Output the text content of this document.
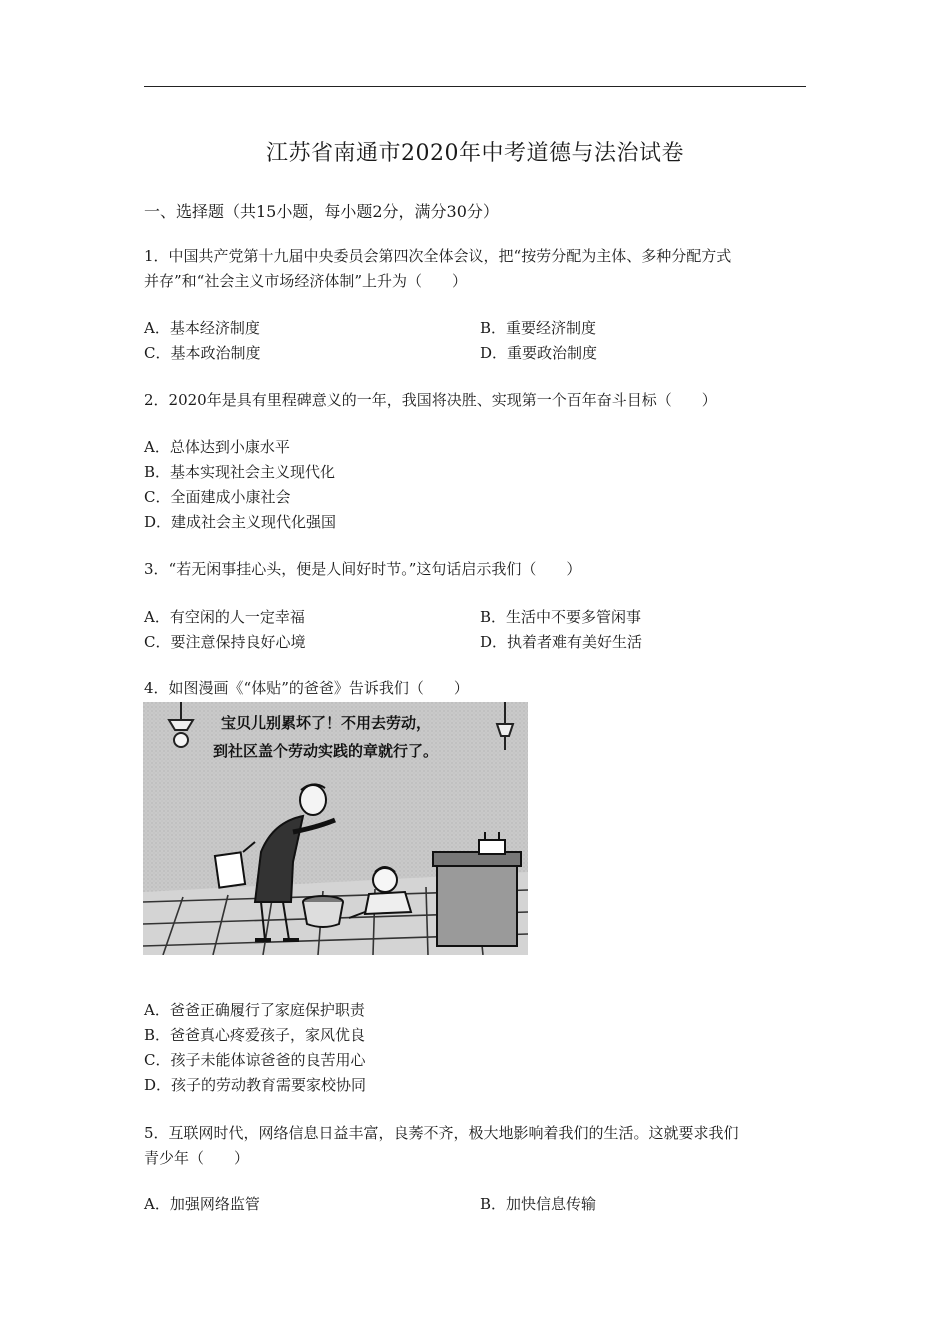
江苏省南通市2020年中考道德与法治试卷
一、选择题（共15小题，每小题2分，满分30分）
1．中国共产党第十九届中央委员会第四次全体会议，把“按劳分配为主体、多种分配方式
并存”和“社会主义市场经济体制”上升为（　　）
A．基本经济制度	B．重要经济制度
C．基本政治制度	D．重要政治制度
2．2020年是具有里程碑意义的一年，我国将决胜、实现第一个百年奋斗目标（　　）
A．总体达到小康水平
B．基本实现社会主义现代化
C．全面建成小康社会
D．建成社会主义现代化强国
3．“若无闲事挂心头，便是人间好时节。”这句话启示我们（　　）
A．有空闲的人一定幸福	B．生活中不要多管闲事
C．要注意保持良好心境	D．执着者难有美好生活
4．如图漫画《“体贴”的爸爸》告诉我们（　　）
宝贝儿别累坏了！不用去劳动，
到社区盖个劳动实践的章就行了。
A．爸爸正确履行了家庭保护职责
B．爸爸真心疼爱孩子，家风优良
C．孩子未能体谅爸爸的良苦用心
D．孩子的劳动教育需要家校协同
5．互联网时代，网络信息日益丰富，良莠不齐，极大地影响着我们的生活。这就要求我们
青少年（　　）
A．加强网络监管	B．加快信息传输
